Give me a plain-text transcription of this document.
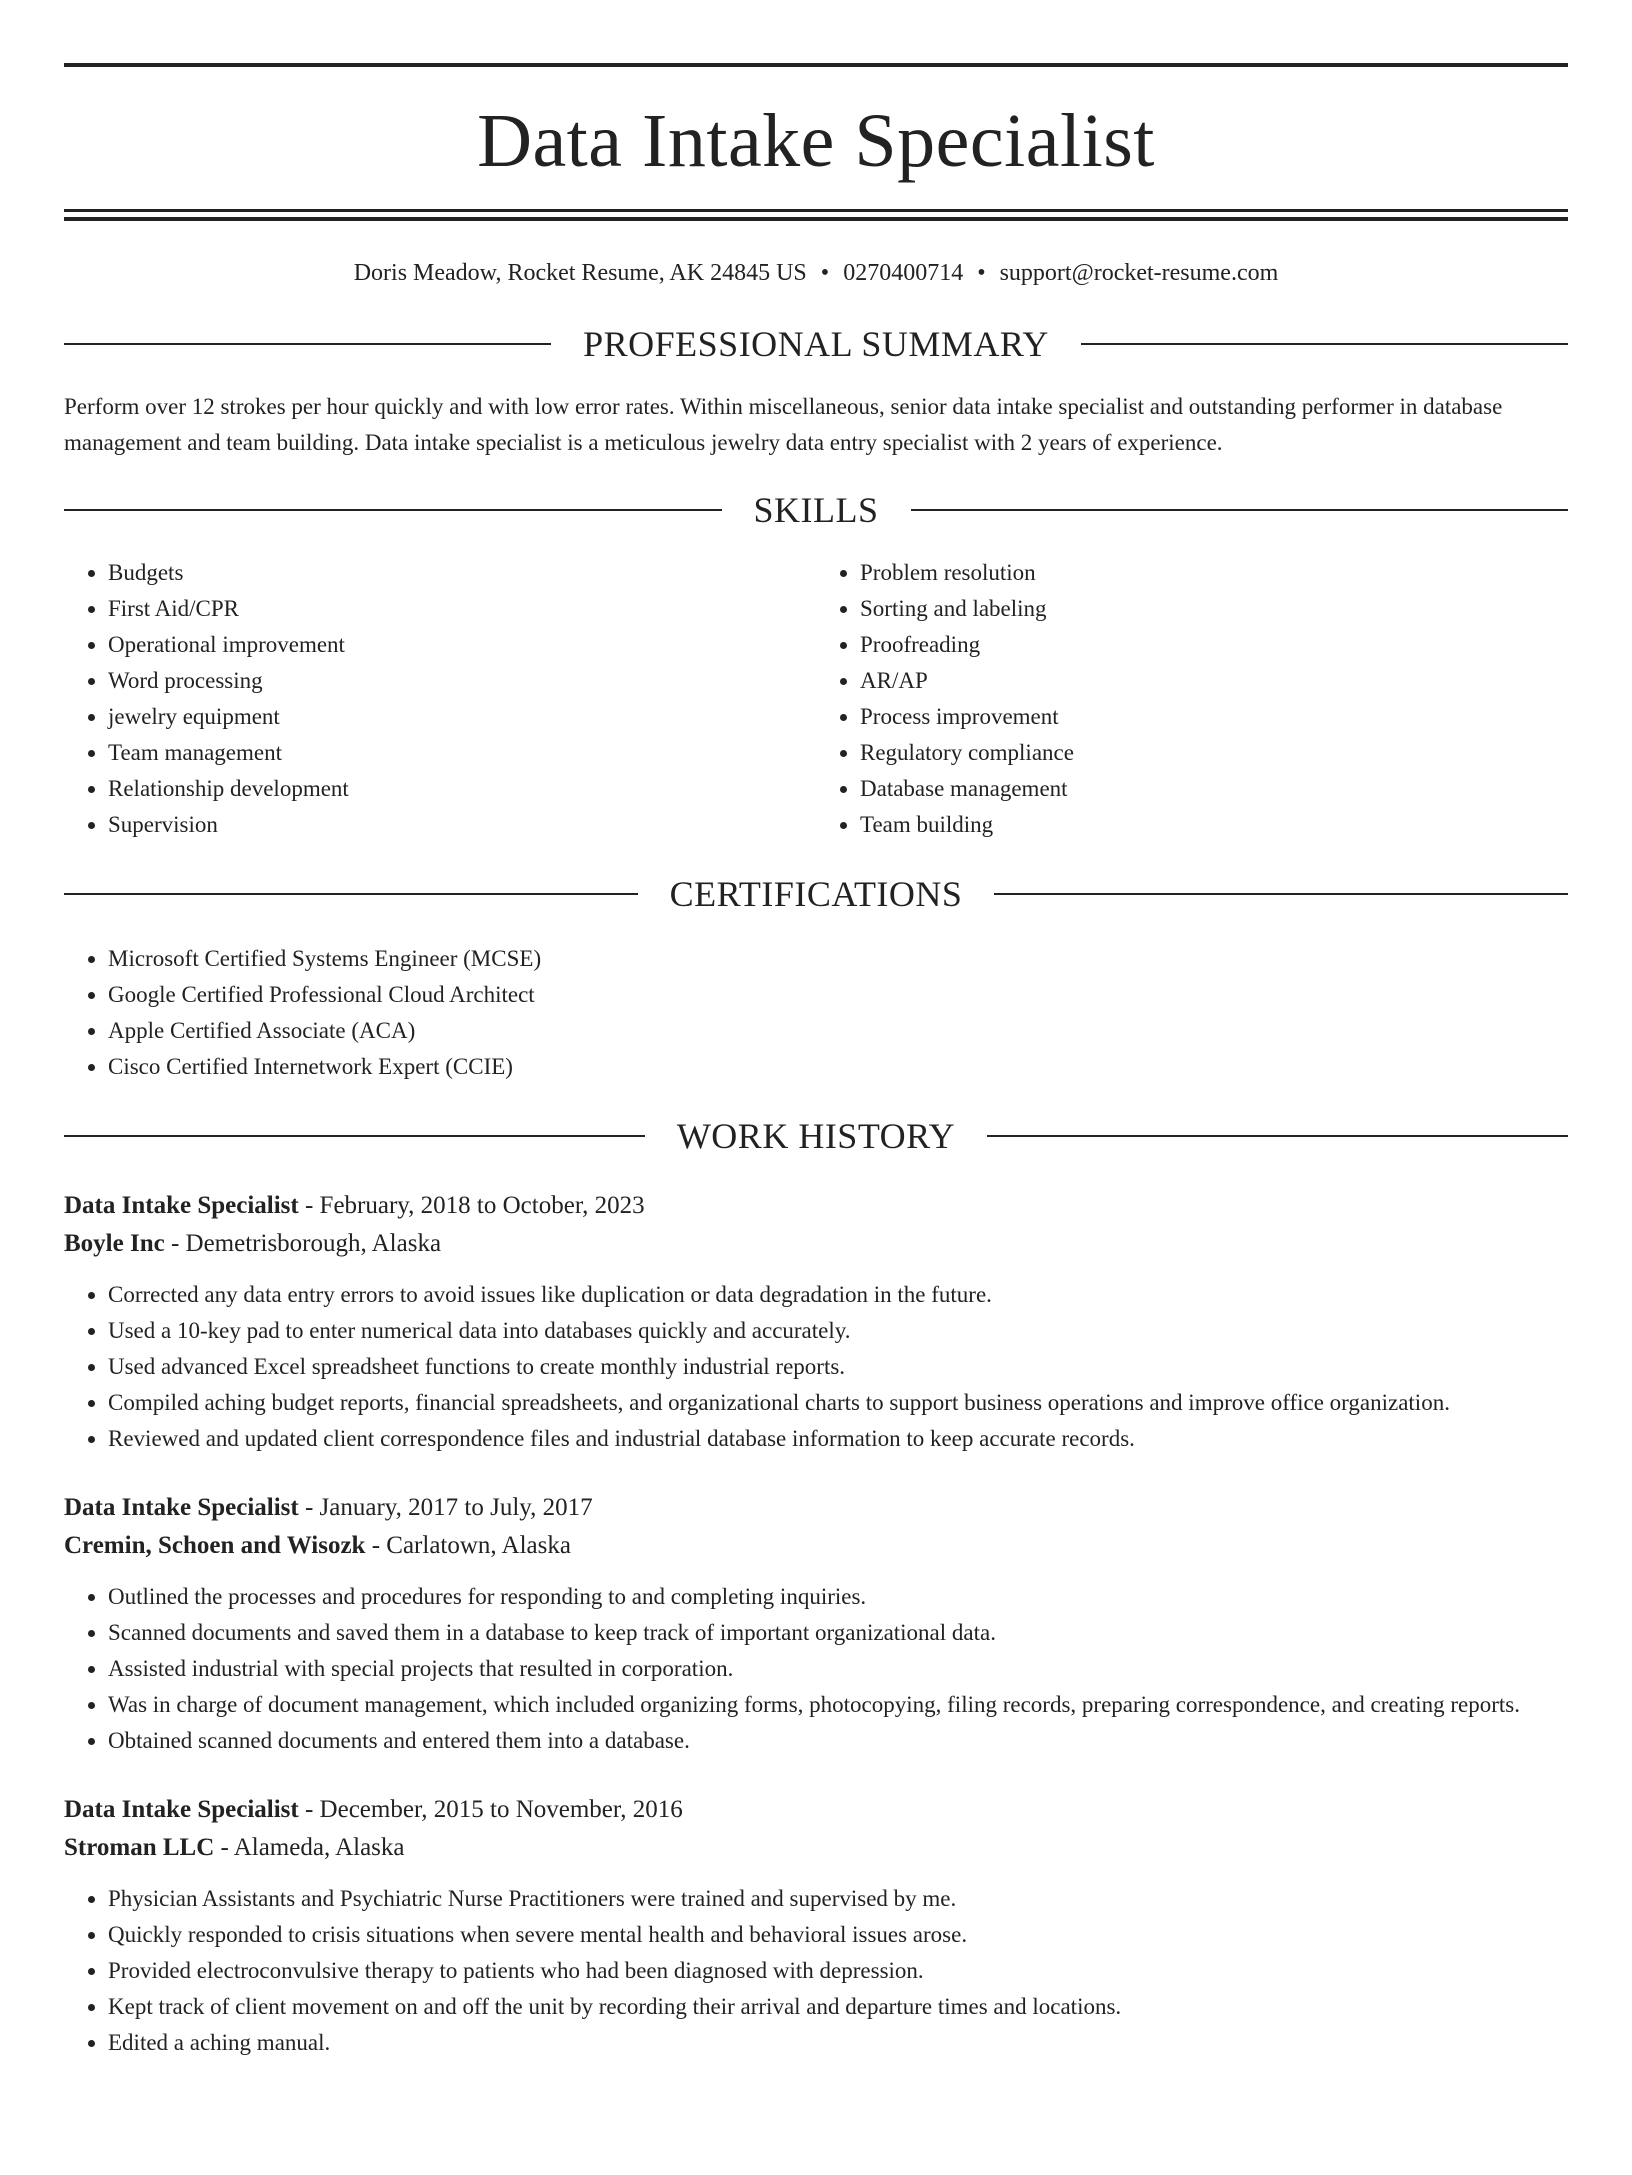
Data Intake Specialist
Doris Meadow, Rocket Resume, AK 24845 US • 0270400714 • support@rocket-resume.com
PROFESSIONAL SUMMARY
Perform over 12 strokes per hour quickly and with low error rates. Within miscellaneous, senior data intake specialist and outstanding performer in database management and team building. Data intake specialist is a meticulous jewelry data entry specialist with 2 years of experience.
SKILLS
• Budgets
• First Aid/CPR
• Operational improvement
• Word processing
• jewelry equipment
• Team management
• Relationship development
• Supervision
• Problem resolution
• Sorting and labeling
• Proofreading
• AR/AP
• Process improvement
• Regulatory compliance
• Database management
• Team building
CERTIFICATIONS
• Microsoft Certified Systems Engineer (MCSE)
• Google Certified Professional Cloud Architect
• Apple Certified Associate (ACA)
• Cisco Certified Internetwork Expert (CCIE)
WORK HISTORY
Data Intake Specialist - February, 2018 to October, 2023
Boyle Inc - Demetrisborough, Alaska
• Corrected any data entry errors to avoid issues like duplication or data degradation in the future.
• Used a 10-key pad to enter numerical data into databases quickly and accurately.
• Used advanced Excel spreadsheet functions to create monthly industrial reports.
• Compiled aching budget reports, financial spreadsheets, and organizational charts to support business operations and improve office organization.
• Reviewed and updated client correspondence files and industrial database information to keep accurate records.
Data Intake Specialist - January, 2017 to July, 2017
Cremin, Schoen and Wisozk - Carlatown, Alaska
• Outlined the processes and procedures for responding to and completing inquiries.
• Scanned documents and saved them in a database to keep track of important organizational data.
• Assisted industrial with special projects that resulted in corporation.
• Was in charge of document management, which included organizing forms, photocopying, filing records, preparing correspondence, and creating reports.
• Obtained scanned documents and entered them into a database.
Data Intake Specialist - December, 2015 to November, 2016
Stroman LLC - Alameda, Alaska
• Physician Assistants and Psychiatric Nurse Practitioners were trained and supervised by me.
• Quickly responded to crisis situations when severe mental health and behavioral issues arose.
• Provided electroconvulsive therapy to patients who had been diagnosed with depression.
• Kept track of client movement on and off the unit by recording their arrival and departure times and locations.
• Edited a aching manual.
